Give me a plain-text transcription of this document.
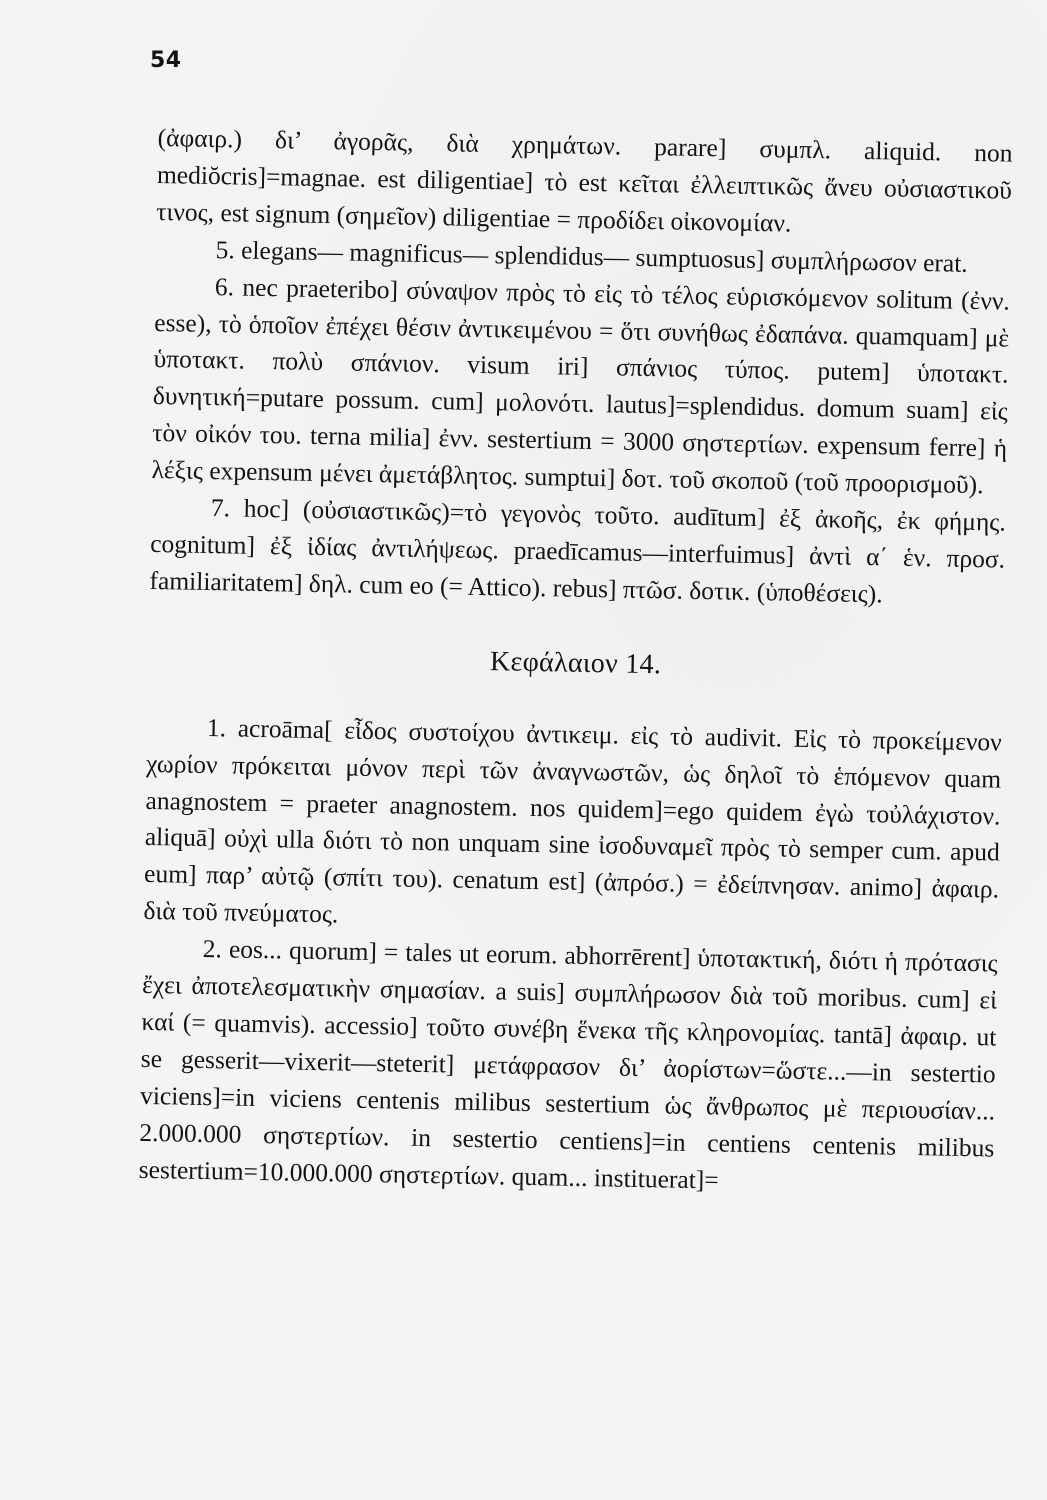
54

(ἀφαιρ.) δι’ ἀγορᾶς, διὰ χρημάτων. parare] συμπλ. aliquid. non mediŏcris]=magnae. est diligentiae] τὸ est κεῖται ἐλλειπτικῶς ἄνευ οὐσιαστικοῦ τινος, est signum (σημεῖον) diligentiae = προδίδει οἰκονομίαν.

5. elegans— magnificus— splendidus— sumptuosus] συμπλήρωσον erat.

6. nec praeteribo] σύναψον πρὸς τὸ εἰς τὸ τέλος εὑρισκόμενον solitum (ἐνν. esse), τὸ ὁποῖον ἐπέχει θέσιν ἀντικειμένου = ὅτι συνήθως ἐδαπάνα. quamquam] μὲ ὑποτακτ. πολὺ σπάνιον. visum iri] σπάνιος τύπος. putem] ὑποτακτ. δυνητική=putare possum. cum] μολονότι. lautus]=splendidus. domum suam] εἰς τὸν οἰκόν του. terna milia] ἐνν. sestertium = 3000 σηστερτίων. expensum ferre] ἡ λέξις expensum μένει ἀμετάβλητος. sumptui] δοτ. τοῦ σκοποῦ (τοῦ προορισμοῦ).

7. hoc] (οὐσιαστικῶς)=τὸ γεγονὸς τοῦτο. audītum] ἐξ ἀκοῆς, ἐκ φήμης. cognitum] ἐξ ἰδίας ἀντιλήψεως. praedīcamus—interfuimus] ἀντὶ α΄ ἑν. προσ. familiaritatem] δηλ. cum eo (= Attico). rebus] πτῶσ. δοτικ. (ὑποθέσεις).

Κεφάλαιον 14.

1. acroāma[ εἶδος συστοίχου ἀντικειμ. εἰς τὸ audivit. Εἰς τὸ προκείμενον χωρίον πρόκειται μόνον περὶ τῶν ἀναγνωστῶν, ὡς δηλοῖ τὸ ἑπόμενον quam anagnostem = praeter anagnostem. nos quidem]=ego quidem ἐγὼ τοὐλάχιστον. aliquā] οὐχὶ ulla διότι τὸ non unquam sine ἰσοδυναμεῖ πρὸς τὸ semper cum. apud eum] παρ’ αὐτῷ (σπίτι του). cenatum est] (ἀπρόσ.) = ἐδείπνησαν. animo] ἀφαιρ. διὰ τοῦ πνεύματος.

2. eos... quorum] = tales ut eorum. abhorrērent] ὑποτακτική, διότι ἡ πρότασις ἔχει ἀποτελεσματικὴν σημασίαν. a suis] συμπλήρωσον διὰ τοῦ moribus. cum] εἰ καί (= quamvis). accessio] τοῦτο συνέβη ἕνεκα τῆς κληρονομίας. tantā] ἀφαιρ. ut se gesserit—vixerit—steterit] μετάφρασον δι’ ἀορίστων=ὥστε...—in sestertio viciens]=in viciens centenis milibus sestertium ὡς ἄνθρωπος μὲ περιουσίαν... 2.000.000 σηστερτίων. in sestertio centiens]=in centiens centenis milibus sestertium=10.000.000 σηστερτίων. quam... instituerat]=
